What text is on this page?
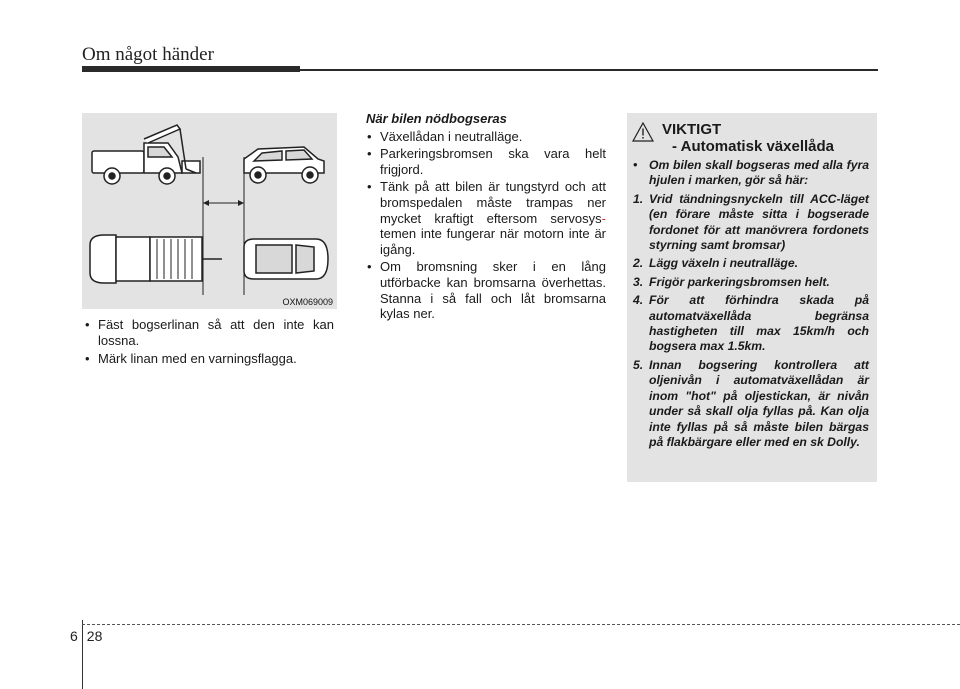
Om något händer
OXM069009
• Fäst bogserlinan så att den inte kan lossna.
• Märk linan med en varningsflagga.
När bilen nödbogseras
• Växellådan i neutralläge.
• Parkeringsbromsen ska vara helt frigjord.
• Tänk på att bilen är tungstyrd och att bromspedalen måste trampas ner mycket kraftigt eftersom servosys- temen inte fungerar när motorn inte är igång.
• Om bromsning sker i en lång utförbacke kan bromsarna överhettas. Stanna i så fall och låt bromsarna kylas ner.
VIKTIGT
- Automatisk växellåda
• Om bilen skall bogseras med alla fyra hjulen i marken, gör så här:
1. Vrid tändningsnyckeln till ACC-läget (en förare måste sitta i bogserade fordonet för att manövrera fordonets styrning samt bromsar)
2. Lägg växeln i neutralläge.
3. Frigör parkeringsbromsen helt.
4. För att förhindra skada på automatväxellåda begränsa hastigheten till max 15km/h och bogsera max 1.5km.
5. Innan bogsering kontrollera att oljenivån i automatväxellådan är inom "hot" på oljestickan, är nivån under så skall olja fyllas på. Kan olja inte fyllas på så måste bilen bärgas på flakbärgare eller med en sk Dolly.
6 28
